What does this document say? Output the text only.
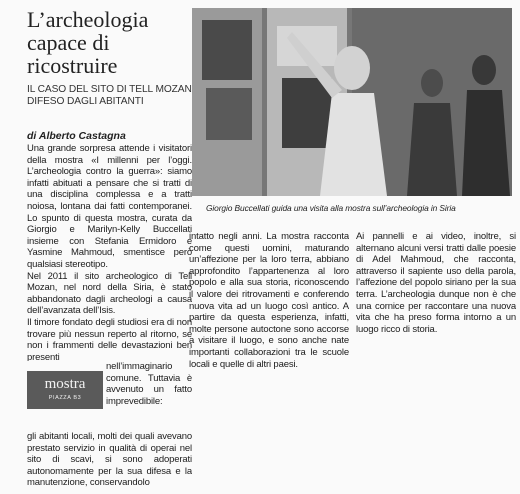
L’archeologia capace di ricostruire
IL CASO DEL SITO DI TELL MOZAN DIFESO DAGLI ABITANTI
di Alberto Castagna

Una grande sorpresa attende i visitatori della mostra «I millenni per l’oggi. L’archeologia contro la guerra»: siamo infatti abituati a pensare che si tratti di una disciplina complessa e a tratti noiosa, lontana dai fatti contemporanei. Lo spunto di questa mostra, curata da Giorgio e Marilyn-Kelly Buccellati insieme con Stefania Ermidoro e Yasmine Mahmoud, smentisce però qualsiasi stereotipo.

Nel 2011 il sito archeologico di Tell Mozan, nel nord della Siria, è stato abbandonato dagli archeologi a causa dell’avanzata dell’Isis.

Il timore fondato degli studiosi era di non trovare più nessun reperto al ritorno, se non i frammenti delle devastazioni ben presenti

mostra
PIAZZA B3

nell’immaginario comune. Tuttavia è avvenuto un fatto imprevedibile:

gli abitanti locali, molti dei quali avevano prestato servizio in qualità di operai nel sito di scavi, si sono adoperati autonomamente per la sua difesa e la manutenzione, conservandolo

Giorgio Buccellati guida una visita alla mostra sull’archeologia in Siria

intatto negli anni. La mostra racconta come questi uomini, maturando un’affezione per la loro terra, abbiano approfondito l’appartenenza al loro popolo e alla sua storia, riconoscendo il valore dei ritrovamenti e conferendo nuova vita ad un luogo così antico. A partire da questa esperienza, infatti, molte persone autoctone sono accorse a visitare il luogo, e sono anche nate importanti collaborazioni tra le scuole locali e quelle di altri paesi.

Ai pannelli e ai video, inoltre, si alternano alcuni versi tratti dalle poesie di Adel Mahmoud, che racconta, attraverso il sapiente uso della parola, l’affezione del popolo siriano per la sua terra. L’archeologia dunque non è che una cornice per raccontare una nuova vita che ha preso forma intorno a un luogo ricco di storia.
